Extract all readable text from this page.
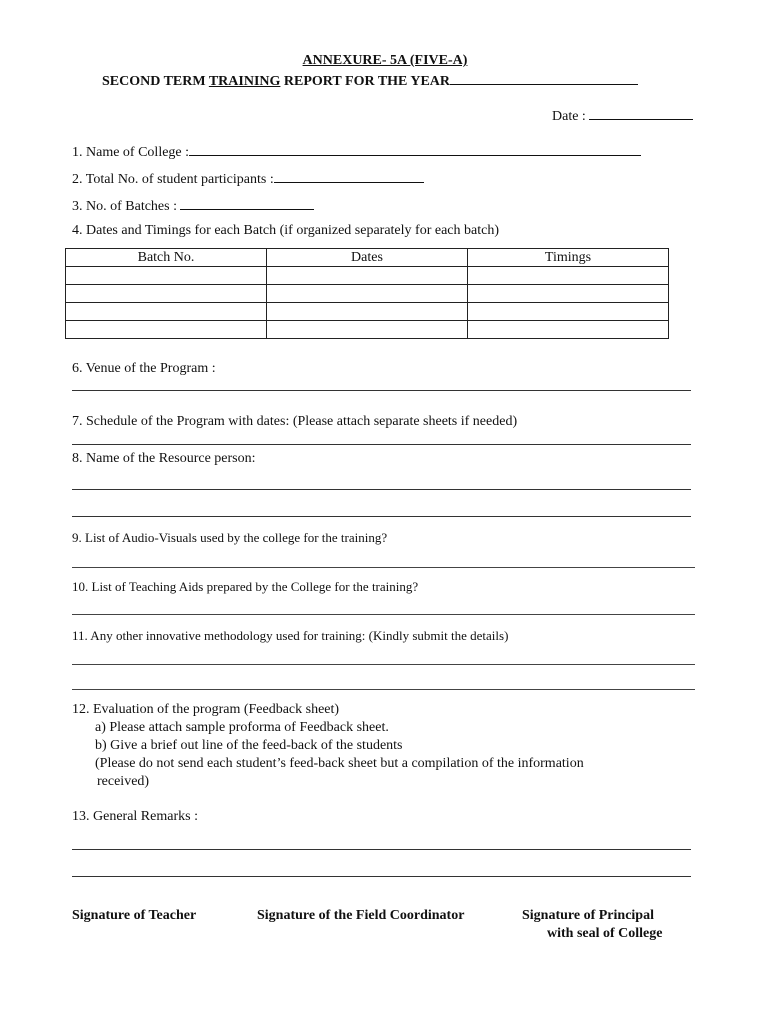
ANNEXURE- 5A (FIVE-A)
SECOND TERM TRAINING REPORT FOR THE YEAR
Date :
1. Name of College :
2. Total No. of student participants :
3. No. of Batches :
4. Dates and Timings for each Batch (if organized separately for each batch)
Batch No.	Dates	Timings

6. Venue of the Program :
7. Schedule of the Program with dates: (Please attach separate sheets if needed)
8. Name of the Resource person:
9. List of Audio-Visuals used by the college for the training?
10. List of Teaching Aids prepared by the College for the training?
11. Any other innovative methodology used for training: (Kindly submit the details)
12. Evaluation of the program (Feedback sheet)
a) Please attach sample proforma of Feedback sheet.
b) Give a brief out line of the feed-back of the students
(Please do not send each student’s feed-back sheet but a compilation of the information
received)
13. General Remarks :
Signature of Teacher	Signature of the Field Coordinator	Signature of Principal
with seal of College
